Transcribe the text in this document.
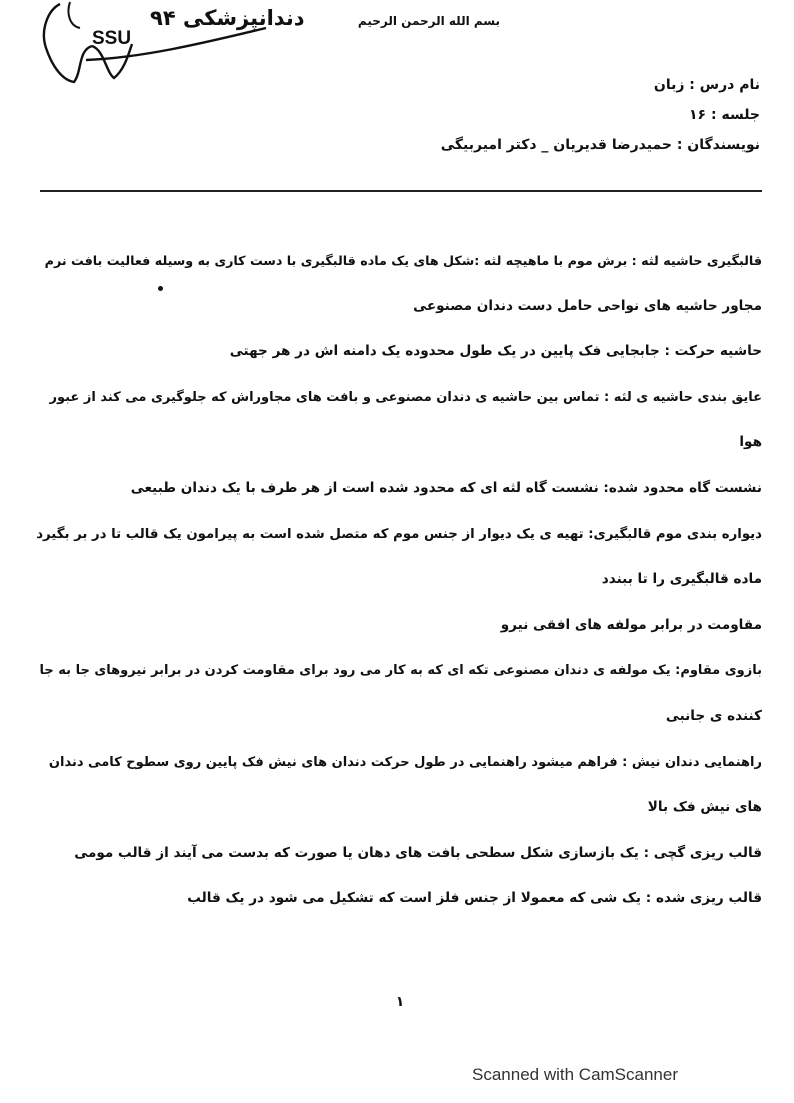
دندانپزشکی ۹۴
SSU
بسم الله الرحمن الرحیم
نام درس : زبان
جلسه : ۱۶
نویسندگان : حمیدرضا قدیریان _ دکتر امیربیگی
قالبگیری حاشیه لثه : برش موم با ماهیچه لثه :شکل های یک ماده قالبگیری با دست کاری به وسیله فعالیت بافت نرم
مجاور حاشیه های نواحی حامل دست دندان مصنوعی
حاشیه حرکت : جابجایی فک پایین در یک طول محدوده یک دامنه اش در هر جهتی
عایق بندی حاشیه ی لثه : تماس بین حاشیه ی دندان مصنوعی و بافت های مجاوراش که جلوگیری می کند از عبور
هوا
نشست گاه محدود شده: نشست گاه لثه ای که محدود شده است از هر طرف با یک دندان طبیعی
دیواره بندی موم قالبگیری: تهیه ی یک دیوار از جنس موم که متصل شده است به پیرامون یک قالب تا در بر بگیرد
ماده قالبگیری را تا ببندد
مقاومت در برابر مولفه های افقی نیرو
بازوی مقاوم: یک مولفه ی دندان مصنوعی تکه ای که به کار می رود برای مقاومت کردن در برابر نیروهای جا به جا
کننده ی جانبی
راهنمایی دندان نیش : فراهم میشود راهنمایی در طول حرکت دندان های نیش فک پایین روی سطوح کامی دندان
های نیش فک بالا
قالب ریزی گچی : یک بازسازی شکل سطحی بافت های دهان یا صورت که بدست می آیند از قالب مومی
قالب ریزی شده : یک شی که معمولا از جنس فلز است که تشکیل می شود در یک قالب
۱
Scanned with CamScanner
